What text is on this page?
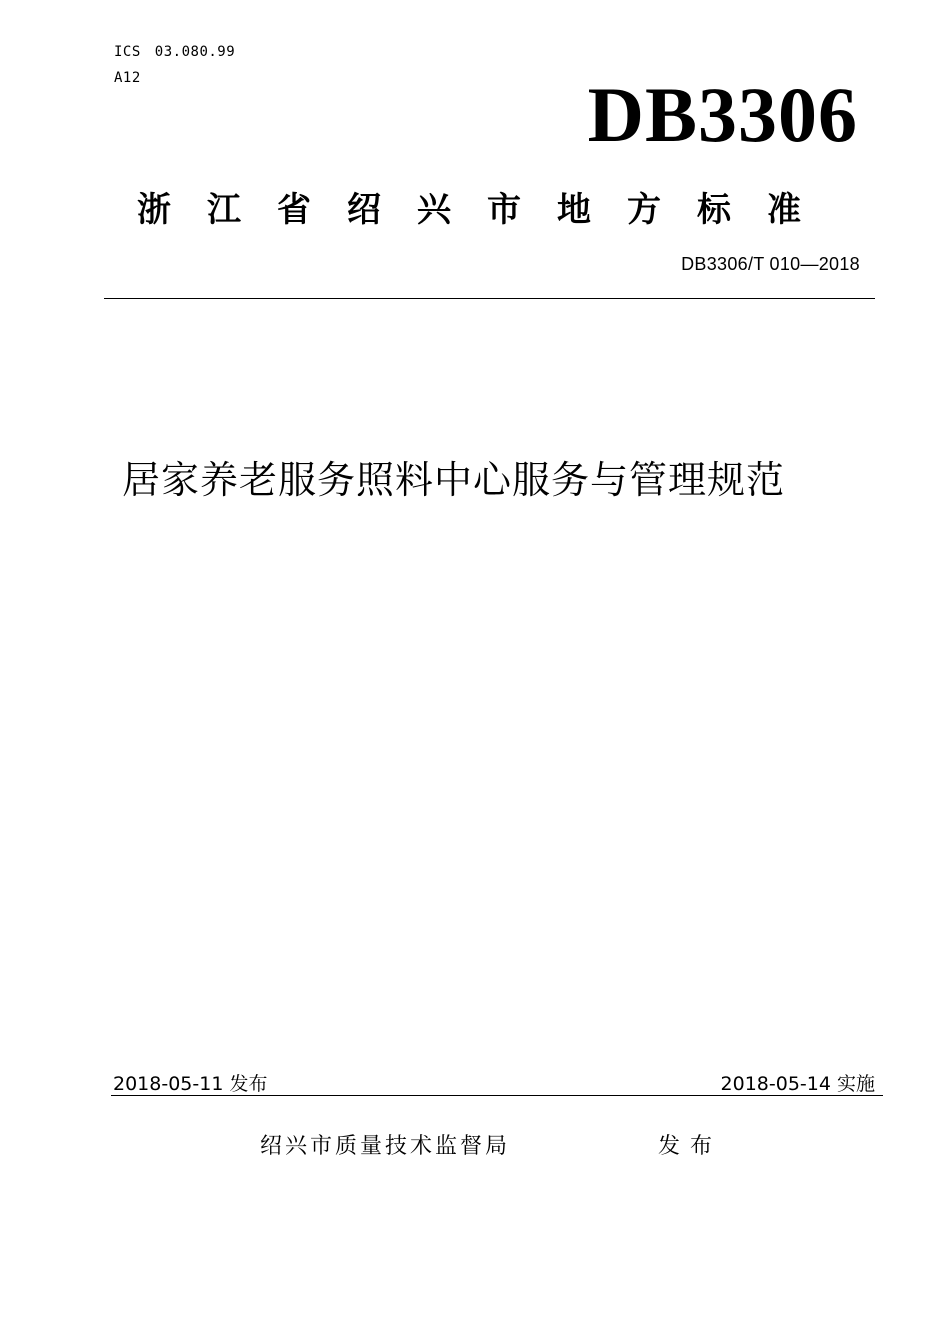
ICS 03.080.99
A12	DB3306
浙江省绍兴市地方标准
DB3306/T 010—2018
居家养老服务照料中心服务与管理规范
2018-05-11 发布	2018-05-14 实施
绍兴市质量技术监督局	发布
